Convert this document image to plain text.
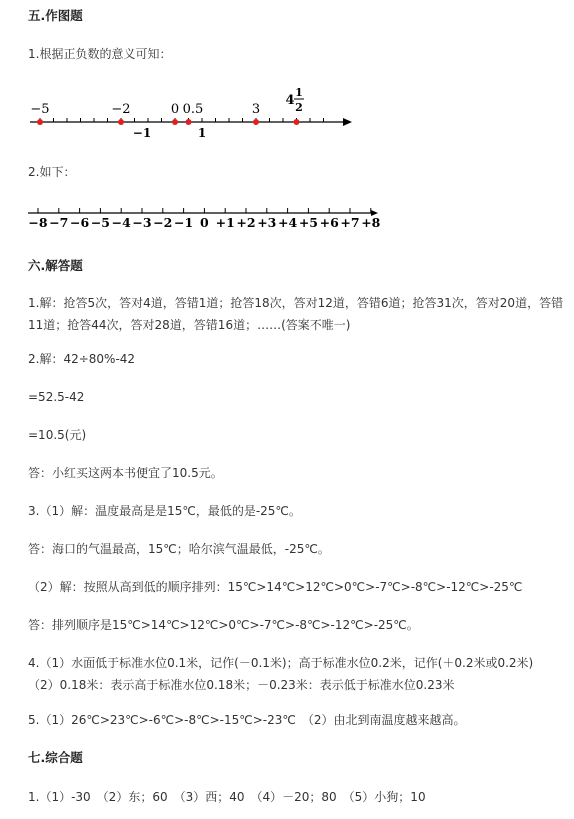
五.作图题
1.根据正负数的意义可知：
−5	−2	0 0.5	3
4
1
2
−1	1
2.如下：
−8 −7 −6 −5 −4 −3 −2 −1 0 +1 +2 +3 +4 +5 +6 +7 +8
六.解答题
1.解：抢答5次，答对4道，答错1道；抢答18次，答对12道，答错6道；抢答31次，答对20道，答错11道；抢答44次，答对28道，答错16道；……(答案不唯一)
2.解：42÷80%-42
=52.5-42
=10.5(元)
答：小红买这两本书便宜了10.5元。
3.（1）解：温度最高是是15℃，最低的是-25℃。
答：海口的气温最高，15℃；哈尔滨气温最低，-25℃。
（2）解：按照从高到低的顺序排列：15℃>14℃>12℃>0℃>-7℃>-8℃>-12℃>-25℃
答：排列顺序是15℃>14℃>12℃>0℃>-7℃>-8℃>-12℃>-25℃。
4.（1）水面低于标准水位0.1米，记作(－0.1米)；高于标准水位0.2米，记作(＋0.2米或0.2米)　（2）0.18米：表示高于标准水位0.18米；－0.23米：表示低于标准水位0.23米
5.（1）26℃>23℃>-6℃>-8℃>-15℃>-23℃　（2）由北到南温度越来越高。
七.综合题
1.（1）-30　（2）东；60　（3）西；40　（4）－20；80　（5）小狗；10
